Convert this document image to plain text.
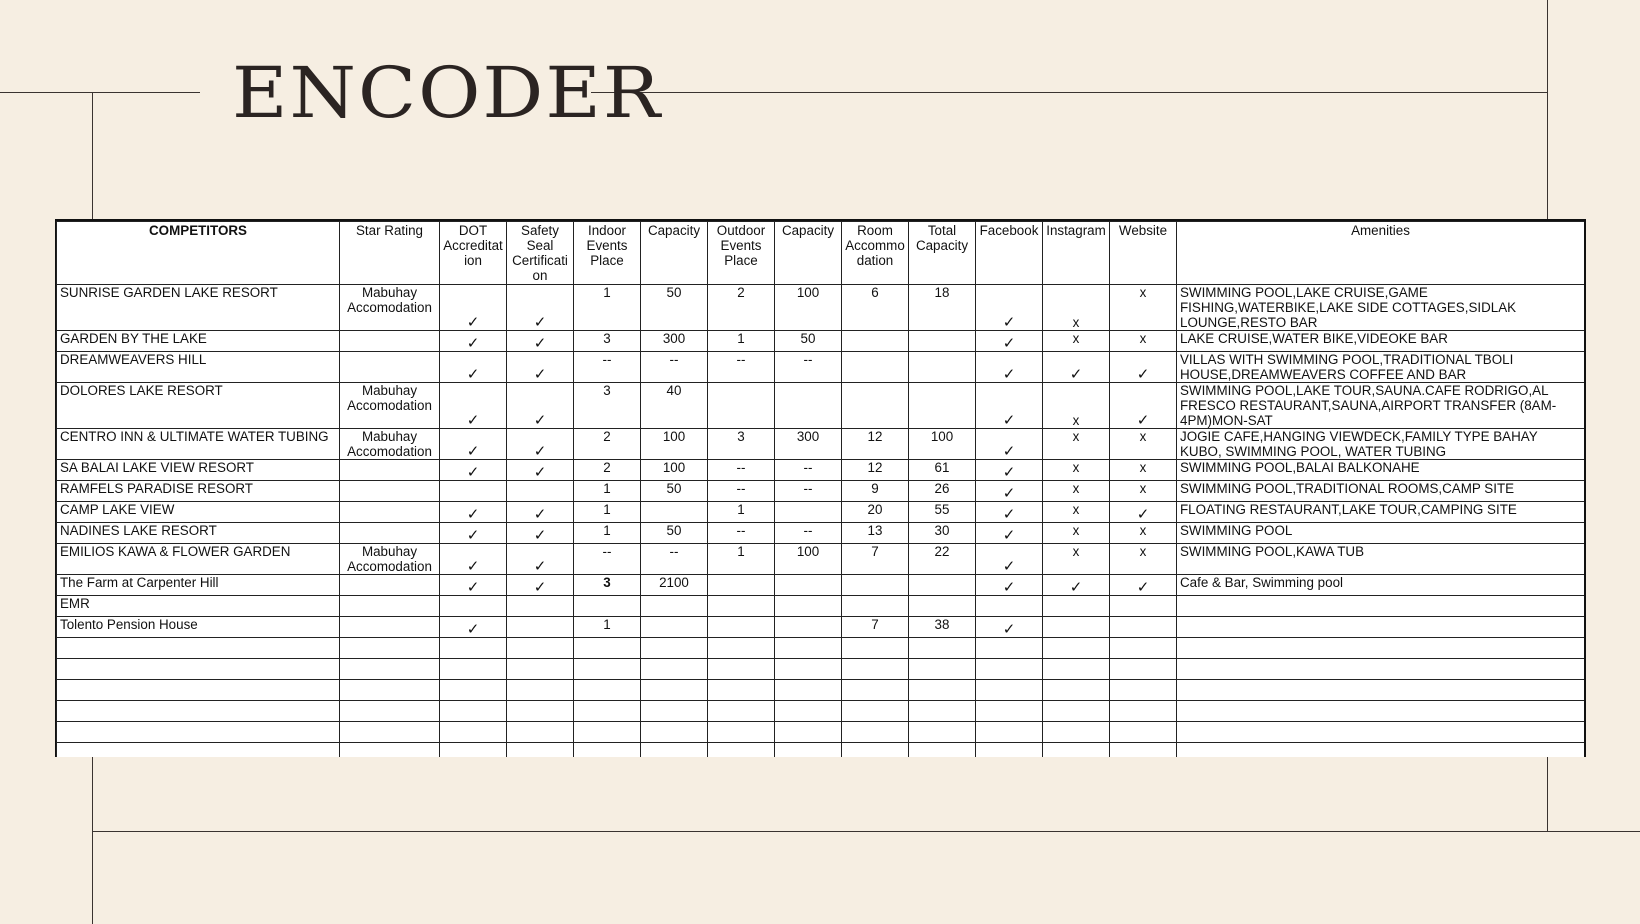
ENCODER
COMPETITORS	Star Rating	DOT Accreditat ion	Safety Seal Certificati on	Indoor Events Place	Capacity	Outdoor Events Place	Capacity	Room Accommo dation	Total Capacity	Facebook	Instagram	Website	Amenities
SUNRISE GARDEN LAKE RESORT	Mabuhay Accomodation	✓	✓	1	50	2	100	6	18	✓	x	x	SWIMMING POOL,LAKE CRUISE,GAME FISHING,WATERBIKE,LAKE SIDE COTTAGES,SIDLAK LOUNGE,RESTO BAR
GARDEN BY THE LAKE		✓	✓	3	300	1	50			✓	x	x	LAKE CRUISE,WATER BIKE,VIDEOKE BAR
DREAMWEAVERS HILL		✓	✓	--	--	--	--			✓	✓	✓	VILLAS WITH SWIMMING POOL,TRADITIONAL TBOLI HOUSE,DREAMWEAVERS COFFEE AND BAR
DOLORES LAKE RESORT	Mabuhay Accomodation	✓	✓	3	40					✓	x	✓	SWIMMING POOL,LAKE TOUR,SAUNA.CAFE RODRIGO,AL FRESCO RESTAURANT,SAUNA,AIRPORT TRANSFER (8AM-4PM)MON-SAT
CENTRO INN & ULTIMATE WATER TUBING	Mabuhay Accomodation	✓	✓	2	100	3	300	12	100	✓	x	x	JOGIE CAFE,HANGING VIEWDECK,FAMILY TYPE BAHAY KUBO, SWIMMING POOL, WATER TUBING
SA BALAI LAKE VIEW RESORT		✓	✓	2	100	--	--	12	61	✓	x	x	SWIMMING POOL,BALAI BALKONAHE
RAMFELS PARADISE RESORT				1	50	--	--	9	26	✓	x	x	SWIMMING POOL,TRADITIONAL ROOMS,CAMP SITE
CAMP LAKE VIEW		✓	✓	1		1		20	55	✓	x	✓	FLOATING RESTAURANT,LAKE TOUR,CAMPING SITE
NADINES LAKE RESORT		✓	✓	1	50	--	--	13	30	✓	x	x	SWIMMING POOL
EMILIOS KAWA & FLOWER GARDEN	Mabuhay Accomodation	✓	✓	--	--	1	100	7	22	✓	x	x	SWIMMING POOL,KAWA TUB
The Farm at Carpenter Hill		✓	✓	3	2100					✓	✓	✓	Cafe & Bar, Swimming pool
EMR													
Tolento Pension House		✓		1				7	38	✓			
